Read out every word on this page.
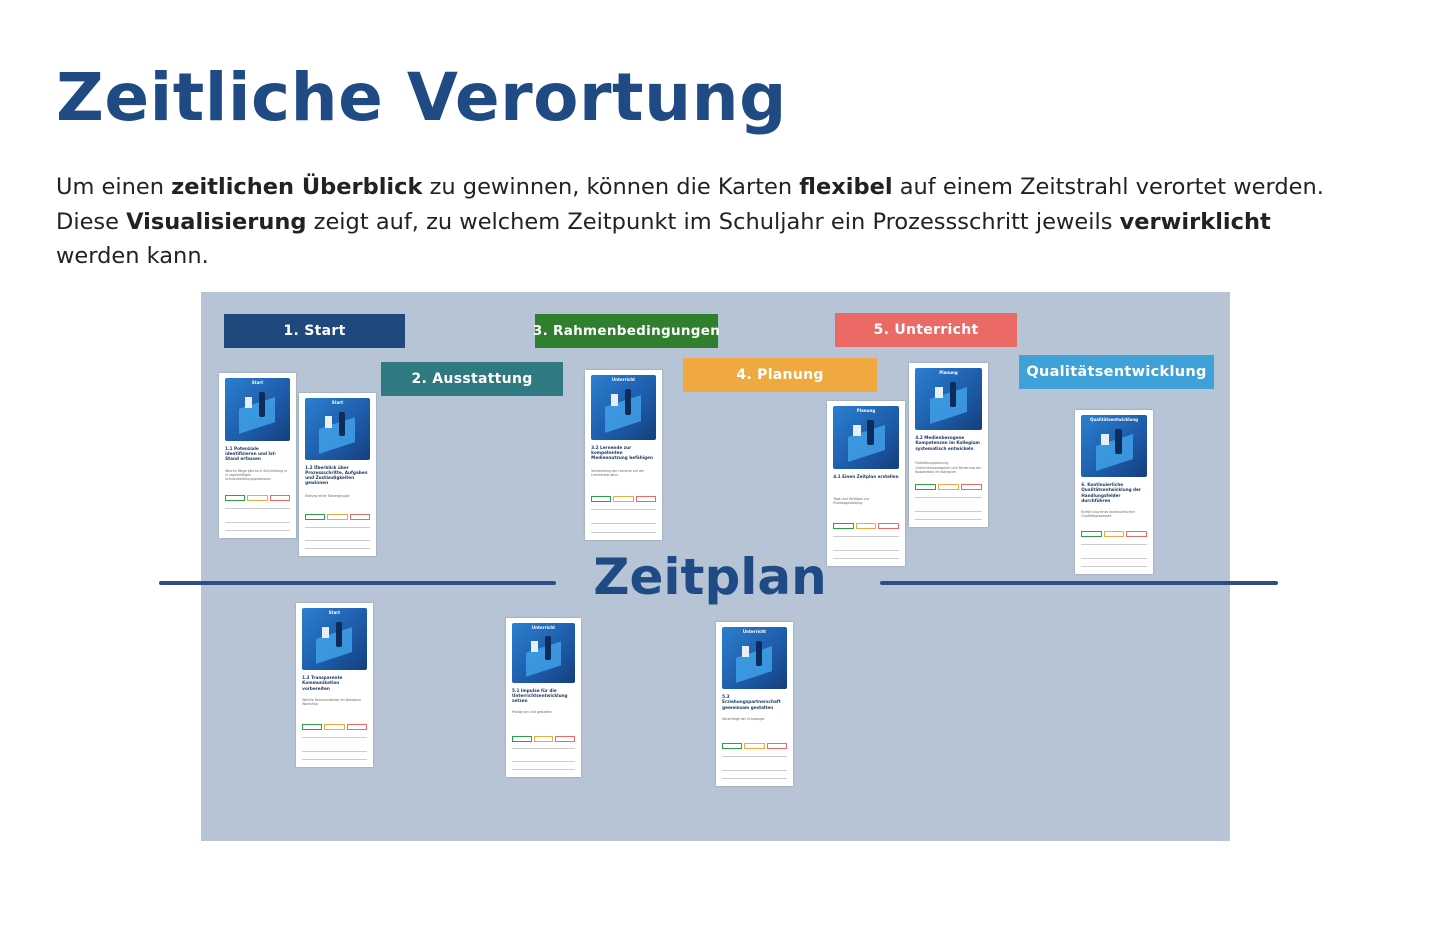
Zeitliche Verortung

Um einen zeitlichen Überblick zu gewinnen, können die Karten flexibel auf einem Zeitstrahl verortet werden. Diese Visualisierung zeigt auf, zu welchem Zeitpunkt im Schuljahr ein Prozessschritt jeweils verwirklicht werden kann.

1. Start
2. Ausstattung
3. Rahmenbedingungen
4. Planung
5. Unterricht
Qualitätsentwicklung
Zeitplan
Start
1.1 Potenziale identifizieren und Ist-Stand erfassen
Welche Wege gibt es in Schulleitung in in regelmäßigen Schulentwicklungsprozessen
Start
1.2 Überblick über Prozessschritte, Aufgaben und Zuständigkeiten gewinnen
Klärung einer Steuergruppe
Unterricht
3.2 Lernende zur kompetenten Mediennutzung befähigen
Verwendung der Lernorte auf der Lerninfrastruktur
Planung
4.1 Einen Zeitplan erstellen
Tage und Verfügen zur Prozessgestaltung
Planung
4.2 Medienbezogene Kompetenzen im Kollegium systematisch entwickeln
Fortbildungsplanung, Unterrichtskonzeption und Förderung der Kooperation im Kollegium
Qualitätsentwicklung
6. Kontinuierliche Qualitätsentwicklung der Handlungsfelder durchführen
Einführung eines kontinuierlichen Qualitätsprozesses
Start
1.3 Transparente Kommunikation vorbereiten
Welche Kommunikation im Kollegium Workshop
Unterricht
5.1 Impulse für die Unterrichtsentwicklung setzen
Prolog con und gestalten
Unterricht
5.3 Erziehungspartnerschaft gemeinsam gestalten
Neuerfolge der Schwanger
